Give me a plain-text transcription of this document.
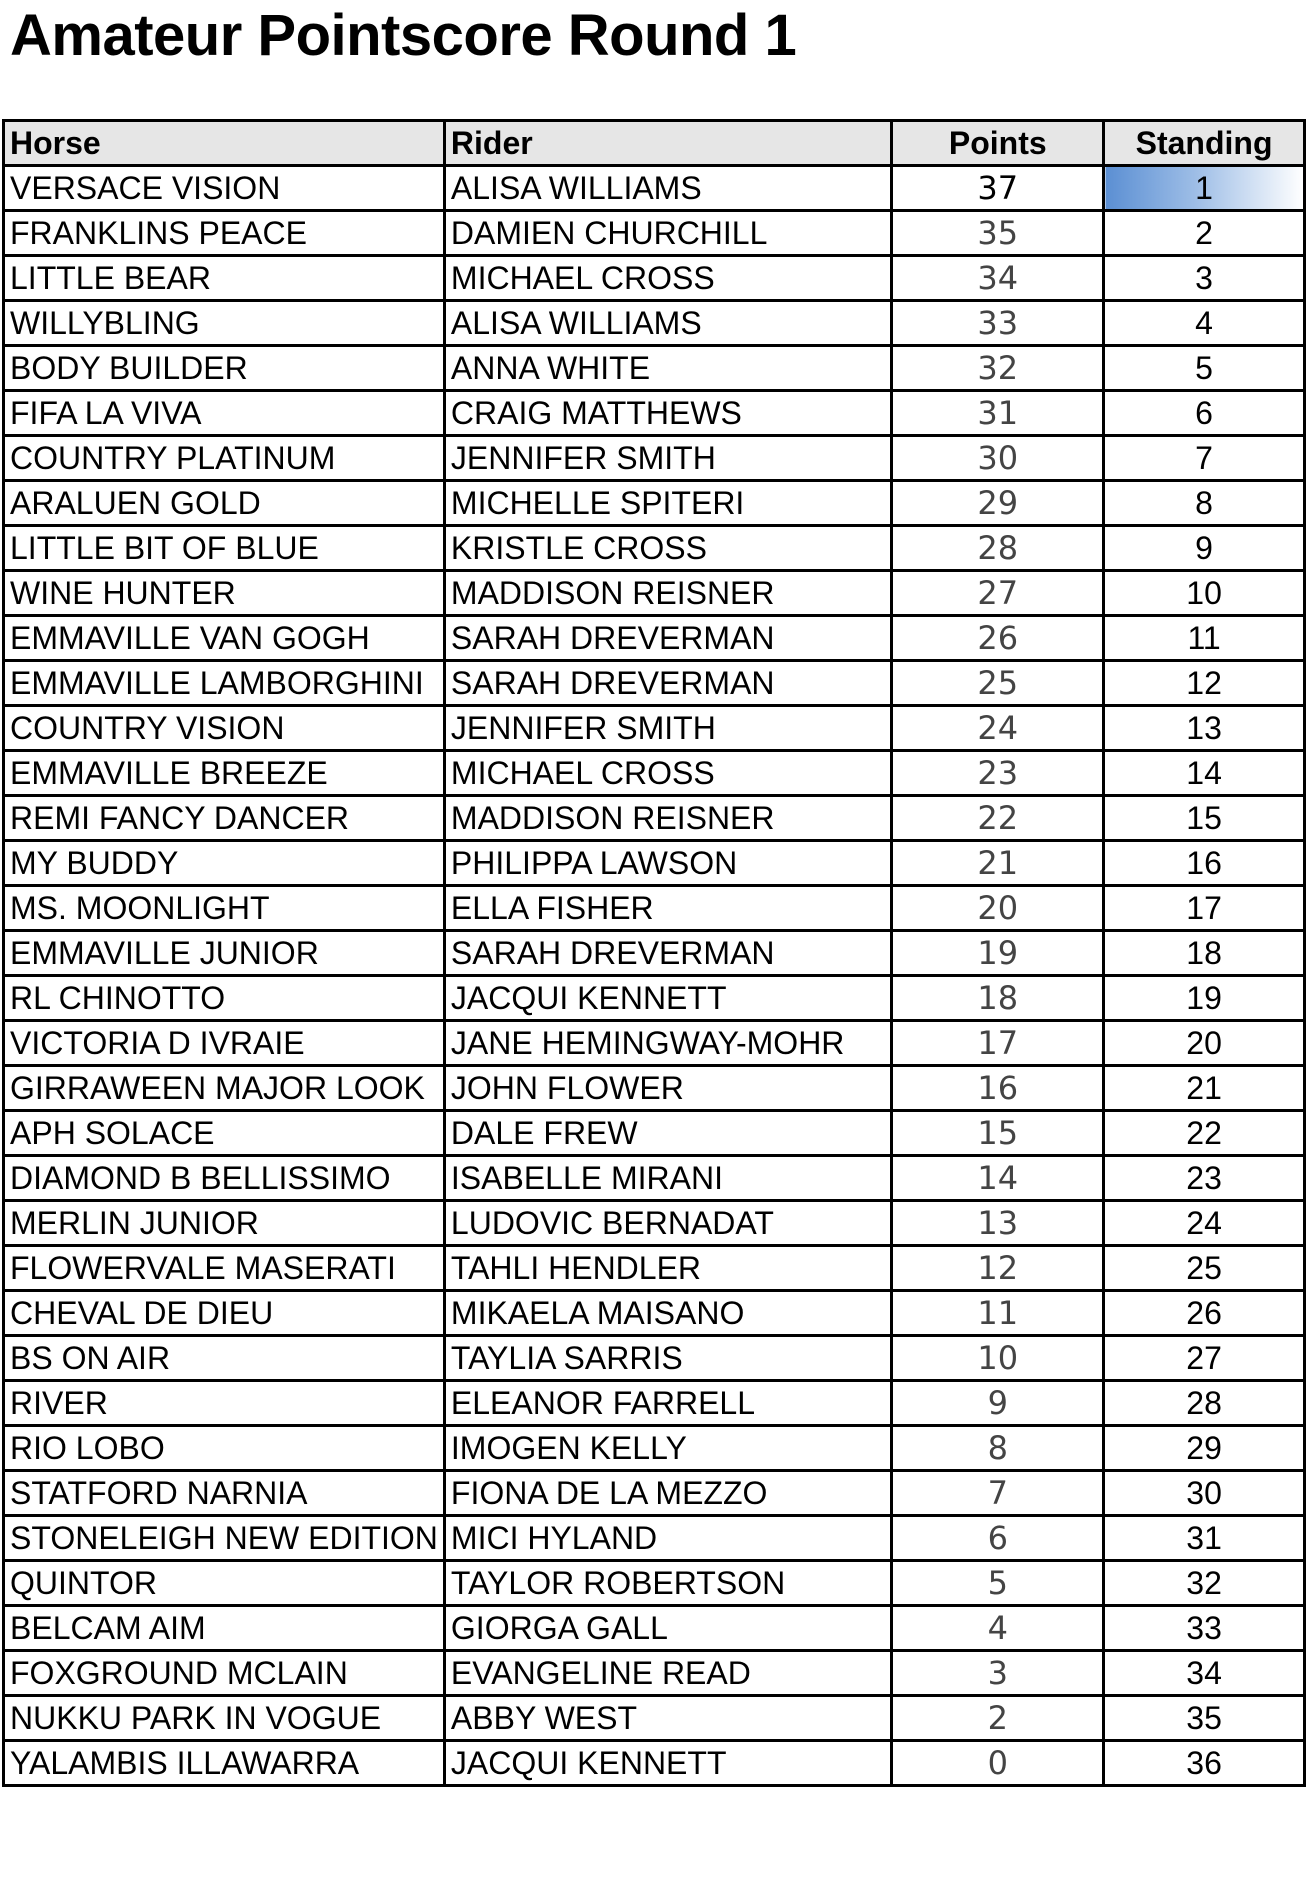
Amateur Pointscore Round 1
Horse	Rider	Points	Standing
VERSACE VISION	ALISA WILLIAMS	37	1
FRANKLINS PEACE	DAMIEN CHURCHILL	35	2
LITTLE BEAR	MICHAEL CROSS	34	3
WILLYBLING	ALISA WILLIAMS	33	4
BODY BUILDER	ANNA WHITE	32	5
FIFA LA VIVA	CRAIG MATTHEWS	31	6
COUNTRY PLATINUM	JENNIFER SMITH	30	7
ARALUEN GOLD	MICHELLE SPITERI	29	8
LITTLE BIT OF BLUE	KRISTLE CROSS	28	9
WINE HUNTER	MADDISON REISNER	27	10
EMMAVILLE VAN GOGH	SARAH DREVERMAN	26	11
EMMAVILLE LAMBORGHINI	SARAH DREVERMAN	25	12
COUNTRY VISION	JENNIFER SMITH	24	13
EMMAVILLE BREEZE	MICHAEL CROSS	23	14
REMI FANCY DANCER	MADDISON REISNER	22	15
MY BUDDY	PHILIPPA LAWSON	21	16
MS. MOONLIGHT	ELLA FISHER	20	17
EMMAVILLE JUNIOR	SARAH DREVERMAN	19	18
RL CHINOTTO	JACQUI KENNETT	18	19
VICTORIA D IVRAIE	JANE HEMINGWAY-MOHR	17	20
GIRRAWEEN MAJOR LOOK	JOHN FLOWER	16	21
APH SOLACE	DALE FREW	15	22
DIAMOND B BELLISSIMO	ISABELLE MIRANI	14	23
MERLIN JUNIOR	LUDOVIC BERNADAT	13	24
FLOWERVALE MASERATI	TAHLI HENDLER	12	25
CHEVAL DE DIEU	MIKAELA MAISANO	11	26
BS ON AIR	TAYLIA SARRIS	10	27
RIVER	ELEANOR FARRELL	9	28
RIO LOBO	IMOGEN KELLY	8	29
STATFORD NARNIA	FIONA DE LA MEZZO	7	30
STONELEIGH NEW EDITION	MICI HYLAND	6	31
QUINTOR	TAYLOR ROBERTSON	5	32
BELCAM AIM	GIORGA GALL	4	33
FOXGROUND MCLAIN	EVANGELINE READ	3	34
NUKKU PARK IN VOGUE	ABBY WEST	2	35
YALAMBIS ILLAWARRA	JACQUI KENNETT	0	36
